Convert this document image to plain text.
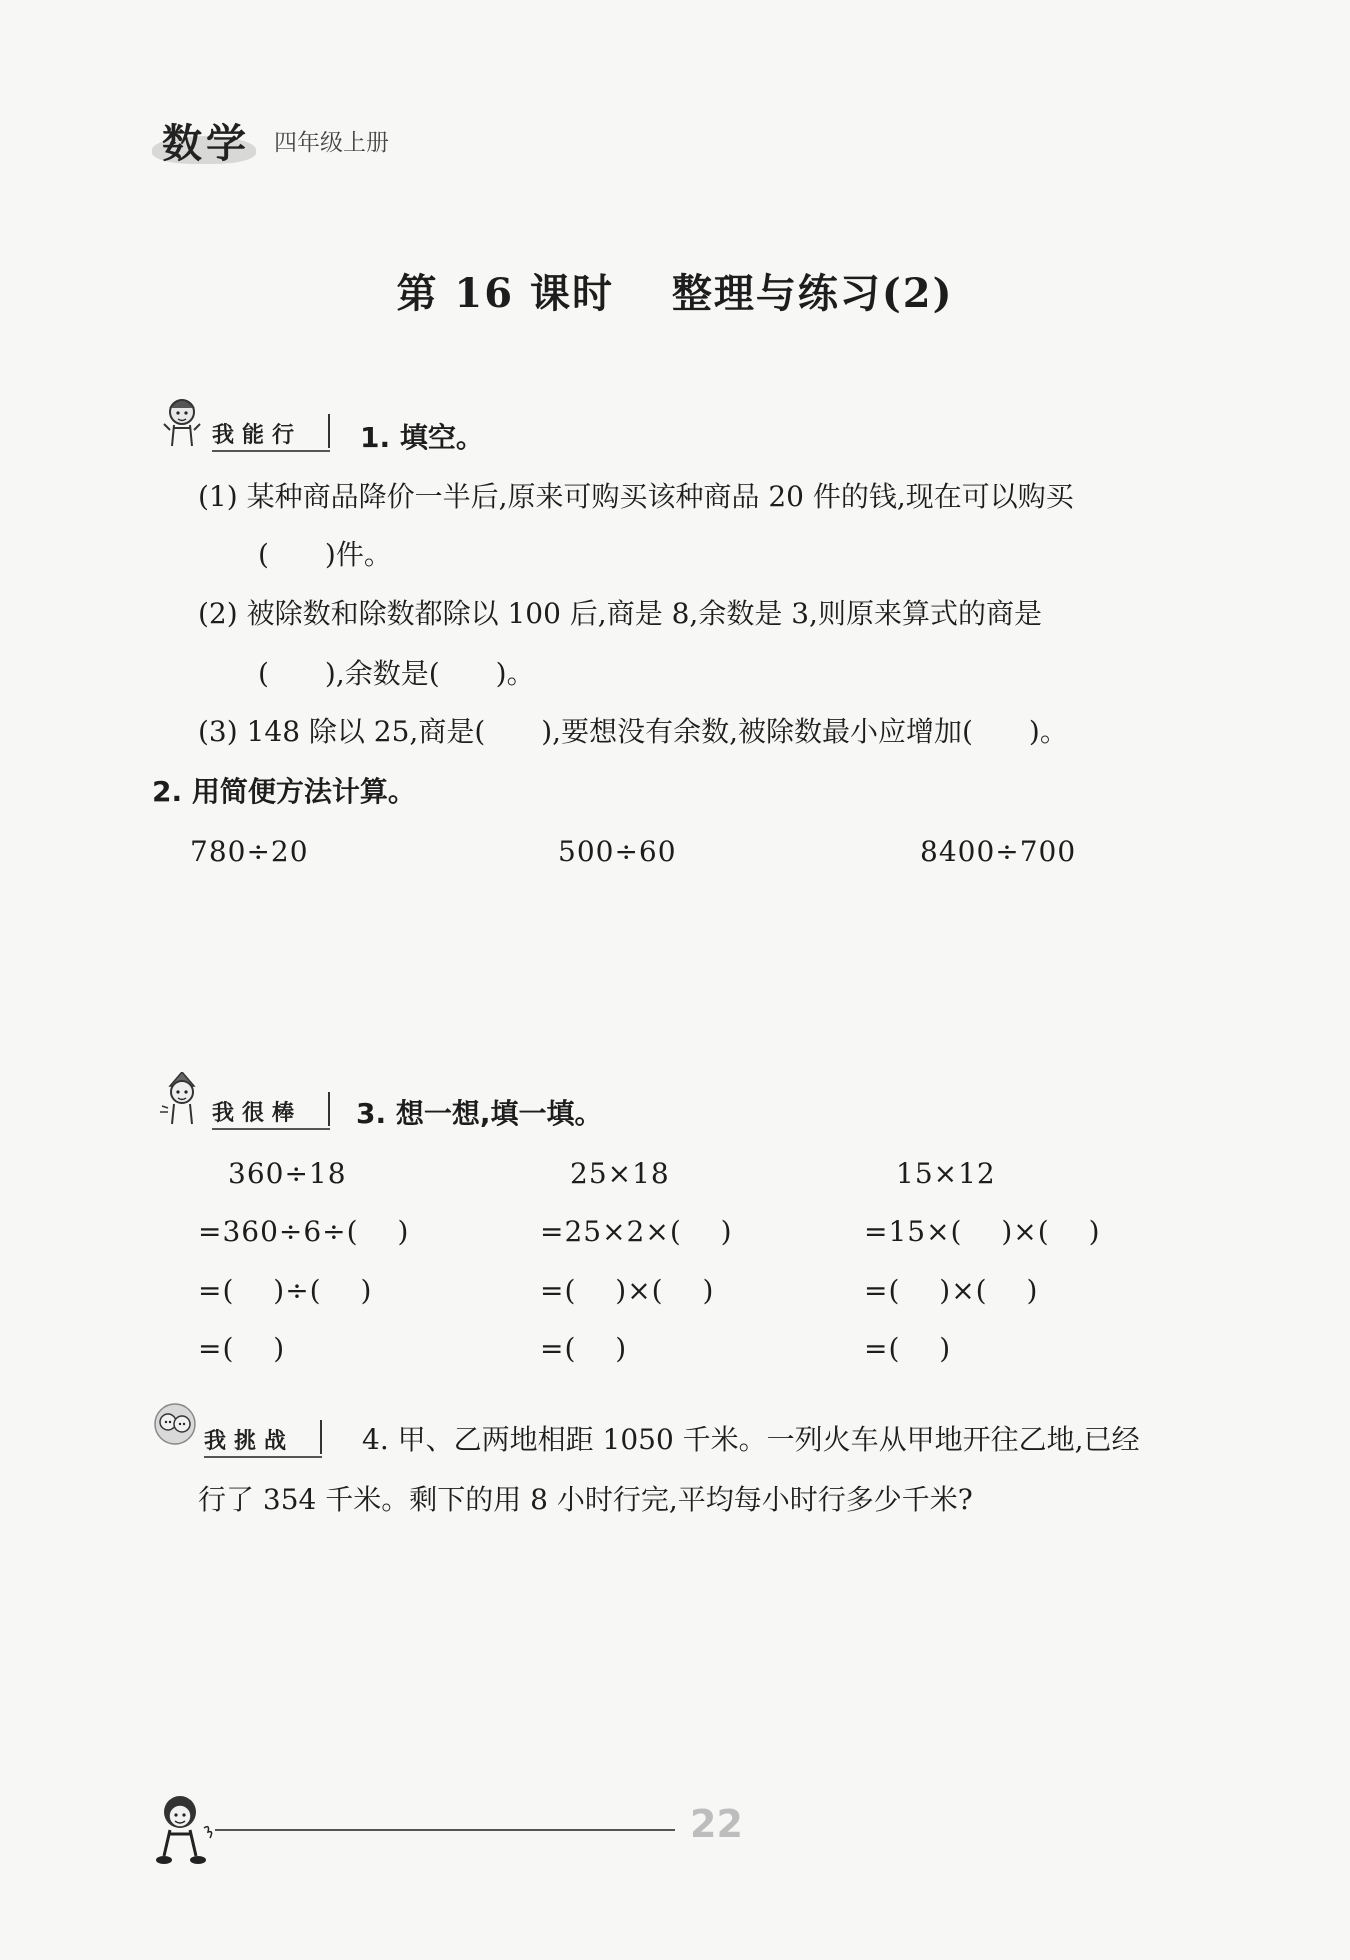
数学 四年级上册
第 16 课时　 整理与练习(2)
我能行 1. 填空。
(1) 某种商品降价一半后,原来可购买该种商品 20 件的钱,现在可以购买
(　　)件。
(2) 被除数和除数都除以 100 后,商是 8,余数是 3,则原来算式的商是
(　　),余数是(　　)。
(3) 148 除以 25,商是(　　),要想没有余数,被除数最小应增加(　　)。
2. 用简便方法计算。
780÷20	500÷60	8400÷700
我很棒 3. 想一想,填一填。
360÷18
=360÷6÷(　 )
=(　 )÷(　 )
=(　 )
25×18
=25×2×(　 )
=(　 )×(　 )
=(　 )
15×12
=15×(　 )×(　 )
=(　 )×(　 )
=(　 )
我挑战 4. 甲、乙两地相距 1050 千米。一列火车从甲地开往乙地,已经
行了 354 千米。剩下的用 8 小时行完,平均每小时行多少千米?
22
